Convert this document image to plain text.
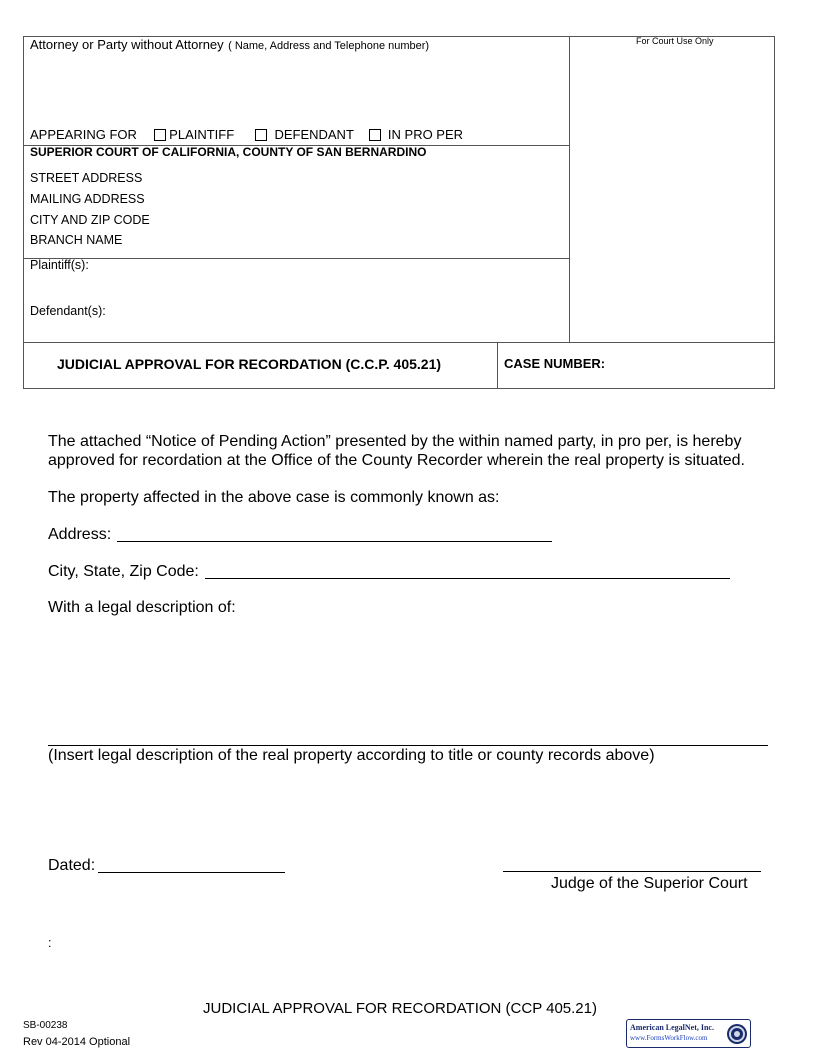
Attorney or Party without Attorney ( Name, Address and Telephone number)	For Court Use Only
APPEARING FOR PLAINTIFF	DEFENDANT	IN PRO PER
SUPERIOR COURT OF CALIFORNIA, COUNTY OF SAN BERNARDINO
STREET ADDRESS
MAILING ADDRESS
CITY AND ZIP CODE
BRANCH NAME
Plaintiff(s):
Defendant(s):
JUDICIAL APPROVAL FOR RECORDATION (C.C.P. 405.21)	CASE NUMBER:
The attached “Notice of Pending Action” presented by the within named party, in pro per, is hereby
approved for recordation at the Office of the County Recorder wherein the real property is situated.
The property affected in the above case is commonly known as:
Address:
City, State, Zip Code:
With a legal description of:
(Insert legal description of the real property according to title or county records above)
Dated:
Judge of the Superior Court
:
JUDICIAL APPROVAL FOR RECORDATION (CCP 405.21)
SB-00238
Rev 04-2014 Optional
American LegalNet, Inc.
www.FormsWorkFlow.com
